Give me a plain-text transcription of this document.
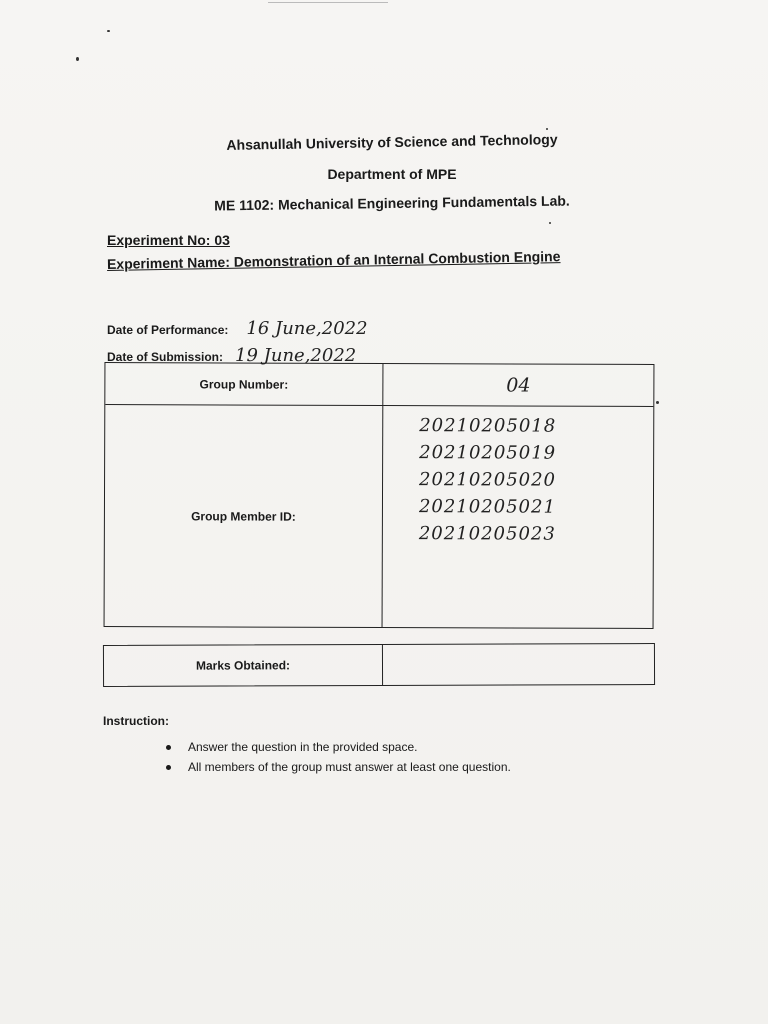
Ahsanullah University of Science and Technology
Department of MPE
ME 1102: Mechanical Engineering Fundamentals Lab.
Experiment No: 03
Experiment Name: Demonstration of an Internal Combustion Engine
Date of Performance: 16 June,2022
Date of Submission: 19 June,2022
Group Number:	04
Group Member ID:
20210205018
20210205019
20210205020
20210205021
20210205023
Marks Obtained:
Instruction:
Answer the question in the provided space.
All members of the group must answer at least one question.
